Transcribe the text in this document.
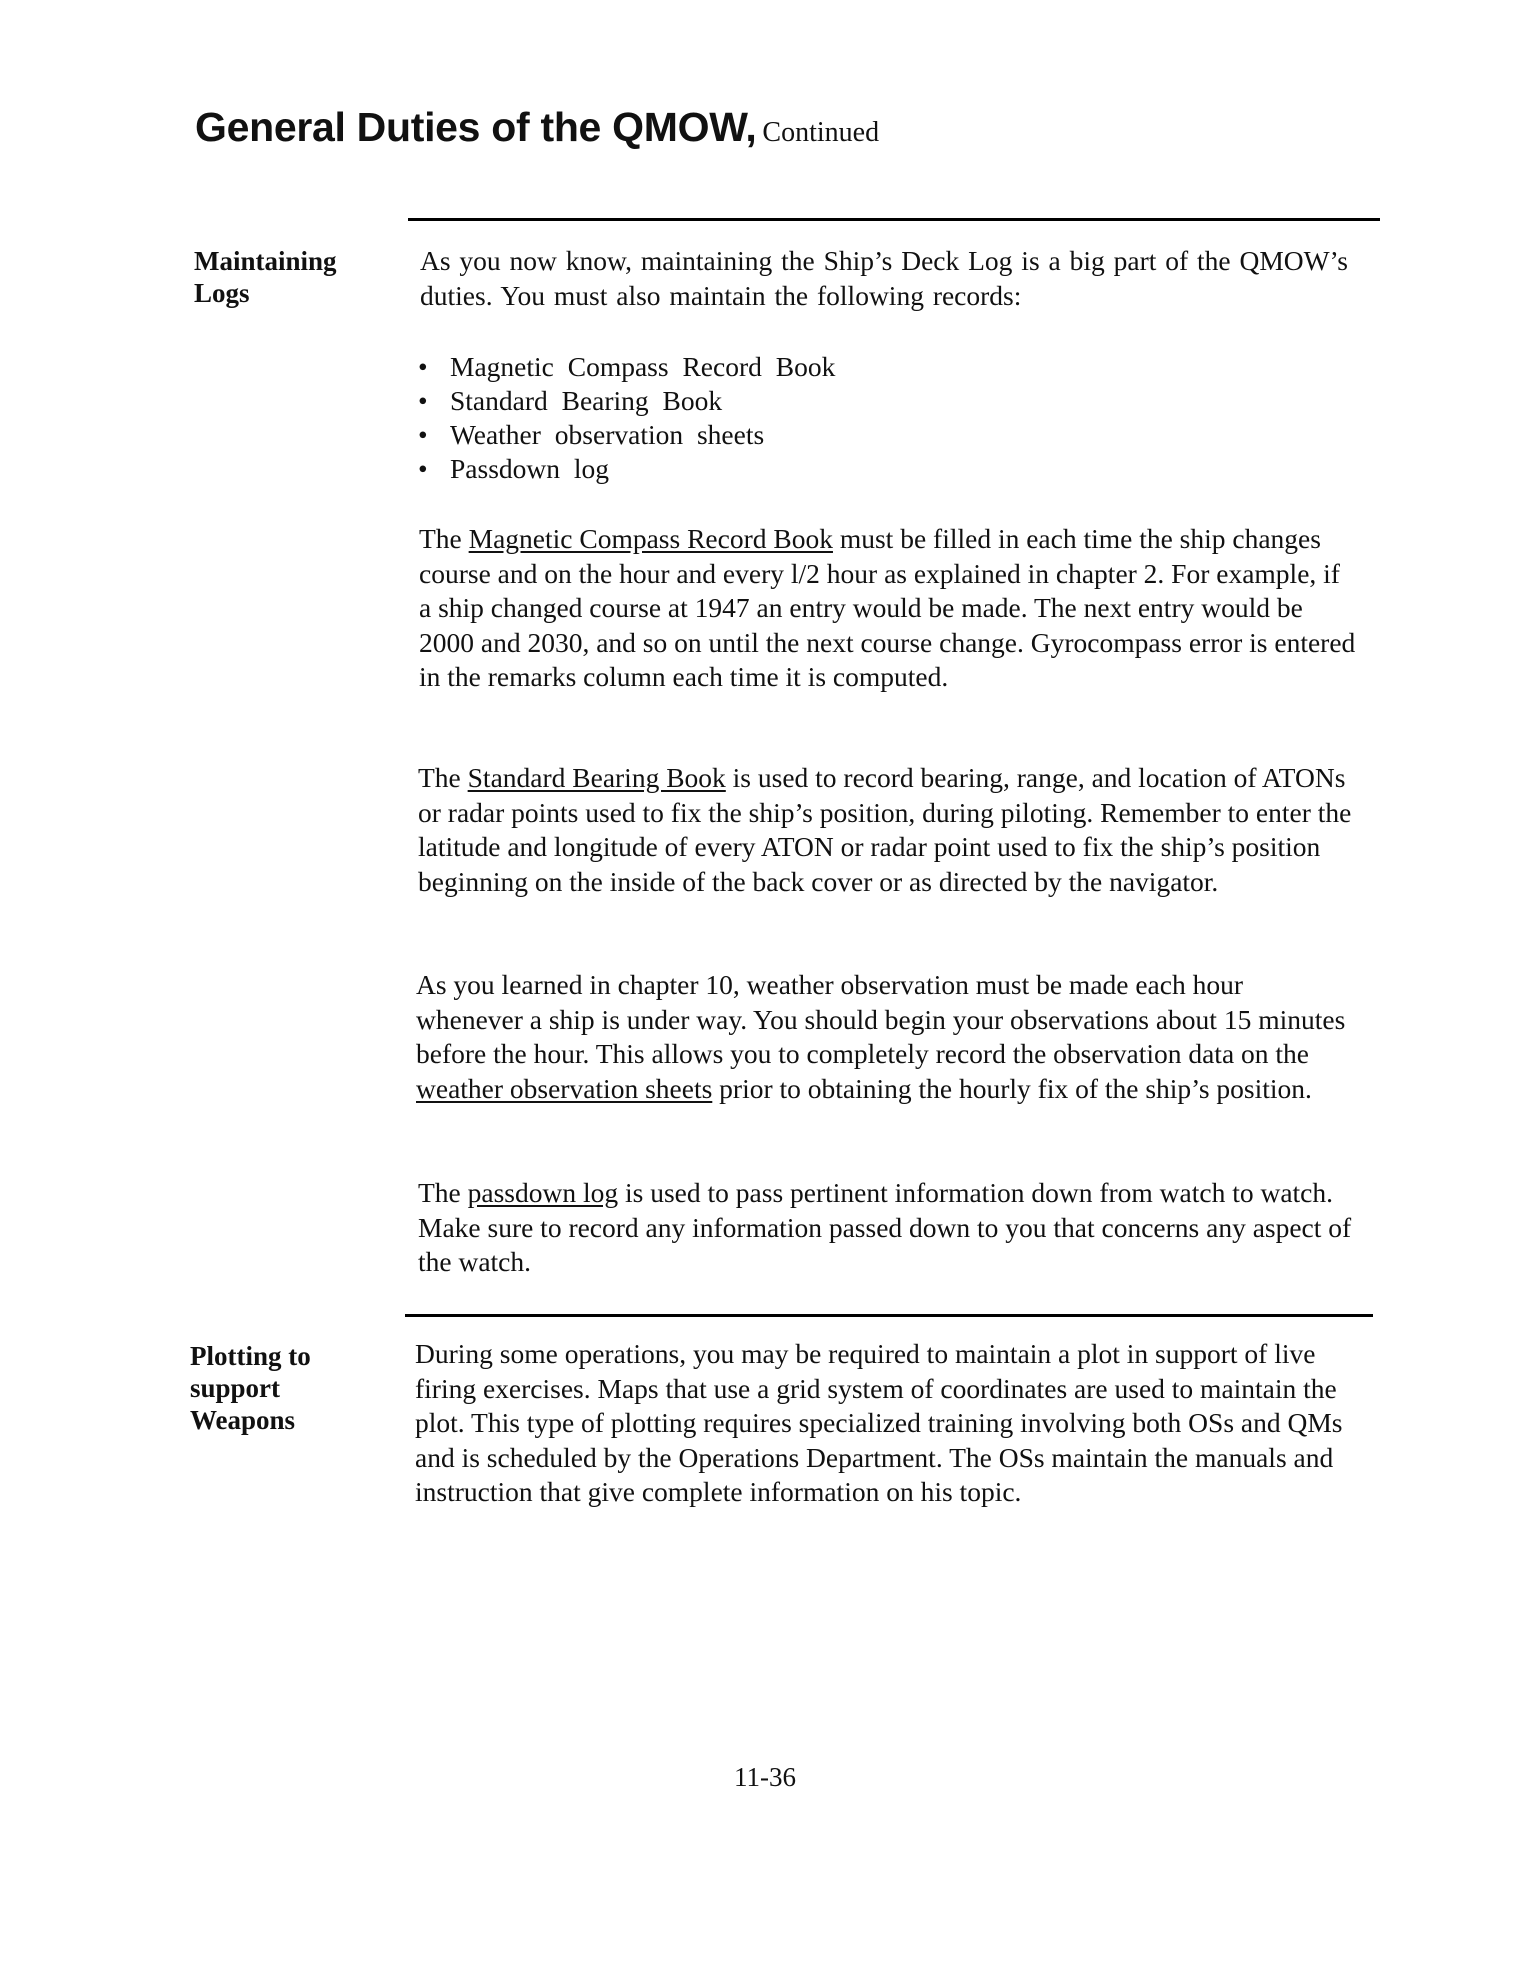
General Duties of the QMOW, Continued
Maintaining
Logs

As you now know, maintaining the Ship’s Deck Log is a big part of the QMOW’s duties. You must also maintain the following records:

• Magnetic Compass Record Book
• Standard Bearing Book
• Weather observation sheets
• Passdown log

The Magnetic Compass Record Book must be filled in each time the ship changes course and on the hour and every l/2 hour as explained in chapter 2. For example, if a ship changed course at 1947 an entry would be made. The next entry would be 2000 and 2030, and so on until the next course change. Gyrocompass error is entered in the remarks column each time it is computed.

The Standard Bearing Book is used to record bearing, range, and location of ATONs or radar points used to fix the ship’s position, during piloting. Remember to enter the latitude and longitude of every ATON or radar point used to fix the ship’s position beginning on the inside of the back cover or as directed by the navigator.

As you learned in chapter 10, weather observation must be made each hour whenever a ship is under way. You should begin your observations about 15 minutes before the hour. This allows you to completely record the observation data on the weather observation sheets prior to obtaining the hourly fix of the ship’s position.

The passdown log is used to pass pertinent information down from watch to watch. Make sure to record any information passed down to you that concerns any aspect of the watch.

Plotting to
support
Weapons

During some operations, you may be required to maintain a plot in support of live firing exercises. Maps that use a grid system of coordinates are used to maintain the plot. This type of plotting requires specialized training involving both OSs and QMs and is scheduled by the Operations Department. The OSs maintain the manuals and instruction that give complete information on his topic.

11-36
